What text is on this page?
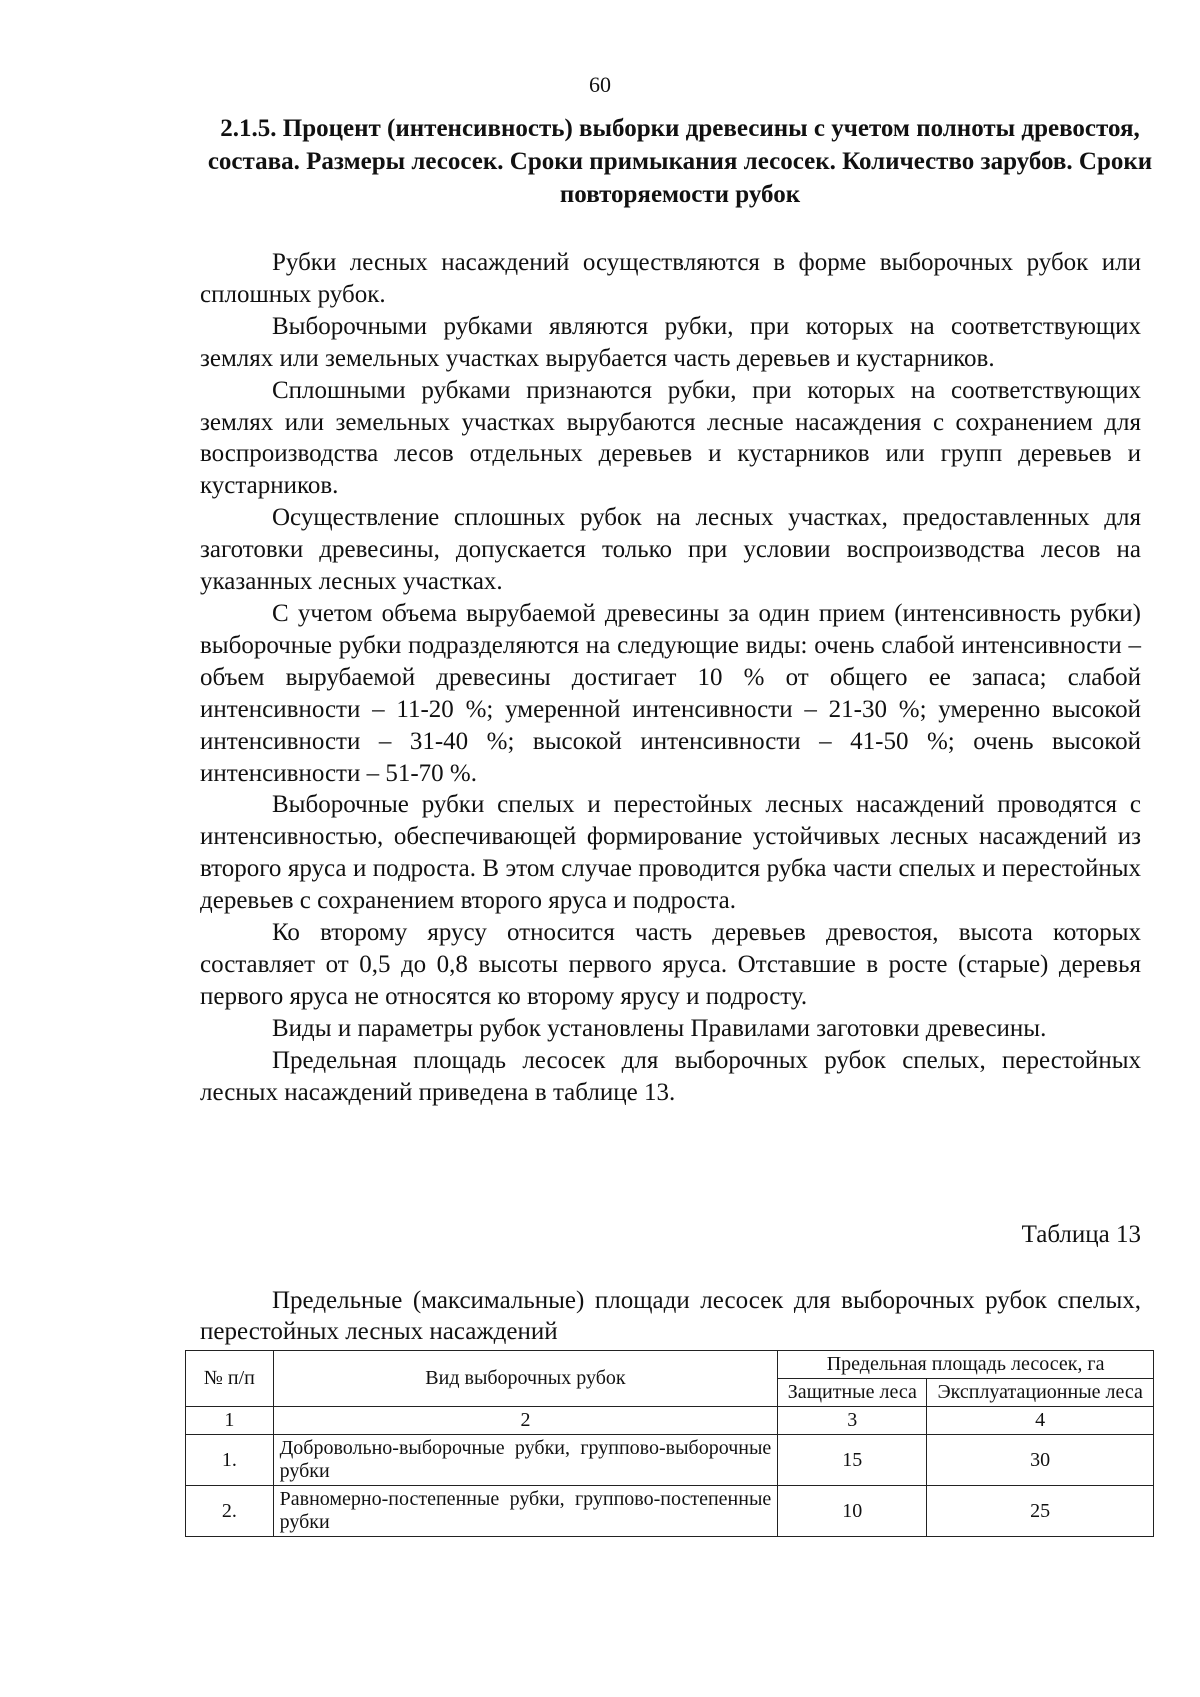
60
2.1.5. Процент (интенсивность) выборки древесины с учетом полноты древостоя, состава. Размеры лесосек. Сроки примыкания лесосек. Количество зарубов. Сроки повторяемости рубок

Рубки лесных насаждений осуществляются в форме выборочных рубок или сплошных рубок.

Выборочными рубками являются рубки, при которых на соответствующих землях или земельных участках вырубается часть деревьев и кустарников.

Сплошными рубками признаются рубки, при которых на соответствующих землях или земельных участках вырубаются лесные насаждения с сохранением для воспроизводства лесов отдельных деревьев и кустарников или групп деревьев и кустарников.

Осуществление сплошных рубок на лесных участках, предоставленных для заготовки древесины, допускается только при условии воспроизводства лесов на указанных лесных участках.

С учетом объема вырубаемой древесины за один прием (интенсивность рубки) выборочные рубки подразделяются на следующие виды: очень слабой интенсивности – объем вырубаемой древесины достигает 10 % от общего ее запаса; слабой интенсивности – 11-20 %; умеренной интенсивности – 21-30 %; умеренно высокой интенсивности – 31-40 %; высокой интенсивности – 41-50 %; очень высокой интенсивности – 51-70 %.

Выборочные рубки спелых и перестойных лесных насаждений проводятся с интенсивностью, обеспечивающей формирование устойчивых лесных насаждений из второго яруса и подроста. В этом случае проводится рубка части спелых и перестойных деревьев с сохранением второго яруса и подроста.

Ко второму ярусу относится часть деревьев древостоя, высота которых составляет от 0,5 до 0,8 высоты первого яруса. Отставшие в росте (старые) деревья первого яруса не относятся ко второму ярусу и подросту.

Виды и параметры рубок установлены Правилами заготовки древесины.

Предельная площадь лесосек для выборочных рубок спелых, перестойных лесных насаждений приведена в таблице 13.

Таблица 13
Предельные (максимальные) площади лесосек для выборочных рубок спелых, перестойных лесных насаждений
№ п/п	Вид выборочных рубок	Предельная площадь лесосек, га	
		Защитные леса	Эксплуатационные леса
1	2	3	4
1.	Добровольно-выборочные рубки, группово-выборочные рубки	15	30
2.	Равномерно-постепенные рубки, группово-постепенные рубки	10	25
